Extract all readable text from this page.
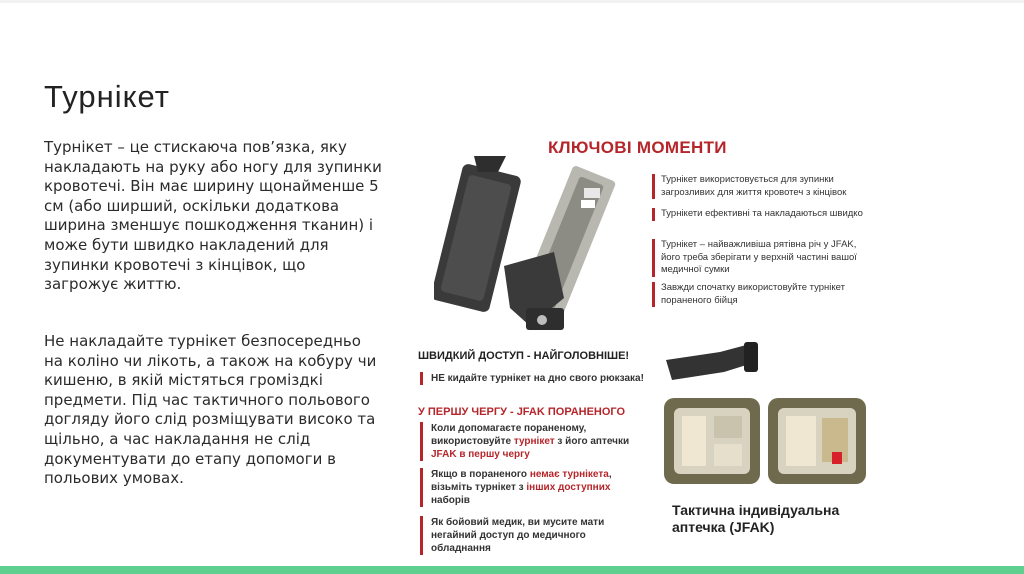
Турнікет
Турнікет – це стискаюча пов’язка, яку накладають на руку або ногу для зупинки кровотечі. Він має ширину щонайменше 5 см (або ширший, оскільки додаткова ширина зменшує пошкодження тканин) і може бути швидко накладений для зупинки кровотечі з кінцівок, що загрожує життю.
Не накладайте турнікет безпосередньо на коліно чи лікоть, а також на кобуру чи кишеню, в якій містяться громіздкі предмети. Під час тактичного польового догляду його слід розміщувати високо та щільно, а час накладання не слід документувати до етапу допомоги в польових умовах.
КЛЮЧОВІ МОМЕНТИ
Турнікет використовується для зупинки загрозливих для життя кровотеч з кінцівок
Турнікети ефективні та накладаються швидко
Турнікет – найважливіша рятівна річ у JFAK, його треба зберігати у верхній частині вашої медичної сумки
Завжди спочатку використовуйте турнікет пораненого бійця
ШВИДКИЙ ДОСТУП - НАЙГОЛОВНІШЕ!
НЕ кидайте турнікет на дно свого рюкзака!
У ПЕРШУ ЧЕРГУ - JFAK ПОРАНЕНОГО
Коли допомагаєте пораненому, використовуйте турнікет з його аптечки JFAK в першу чергу
Якщо в пораненого немає турнікета, візьміть турнікет з інших доступних наборів
Як бойовий медик, ви мусите мати негайний доступ до медичного обладнання
Тактична індивідуальна аптечка (JFAK)
